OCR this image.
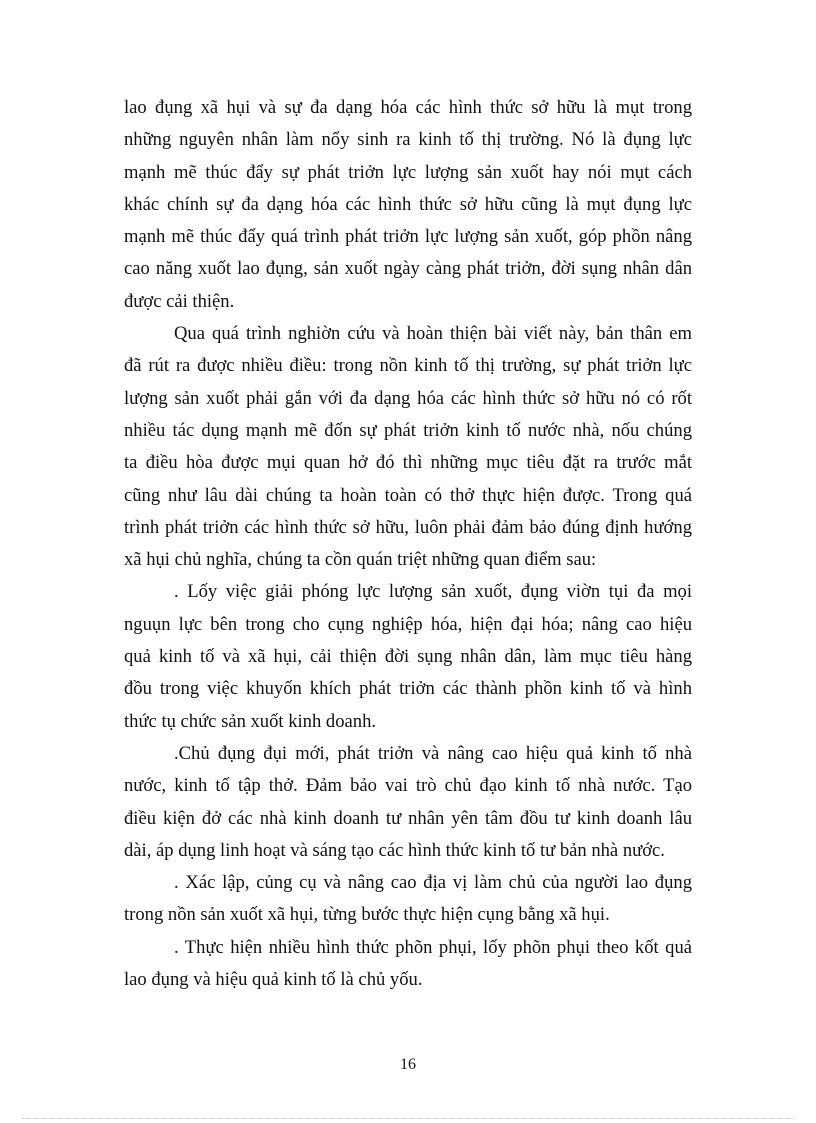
lao đụng xã hụi và sự đa dạng hóa các hình thức sở hữu là mụt trong
những nguyên nhân làm nổy sinh ra kinh tố thị trường. Nó là đụng lực
mạnh mẽ thúc đẩy sự phát triởn lực lượng sản xuốt hay nói mụt cách
khác chính sự đa dạng hóa các hình thức sở hữu cũng là mụt đụng lực
mạnh mẽ thúc đẩy quá trình phát triởn lực lượng sản xuốt, góp phồn nâng
cao năng xuốt lao đụng, sản xuốt ngày càng phát triởn, đời sụng nhân dân
được cải thiện.
Qua quá trình nghiờn cứu và hoàn thiện bài viết này, bản thân em
đã rút ra được nhiều điều: trong nồn kinh tố thị trường, sự phát triởn lực
lượng sản xuốt phải gắn với đa dạng hóa các hình thức sở hữu nó có rốt
nhiều tác dụng mạnh mẽ đốn sự phát triởn kinh tố nước nhà, nốu chúng
ta điều hòa được mụi quan hở đó thì những mục tiêu đặt ra trước mắt
cũng như lâu dài chúng ta hoàn toàn có thở thực hiện được. Trong quá
trình phát triởn các hình thức sở hữu, luôn phải đảm bảo đúng định hướng
xã hụi chủ nghĩa, chúng ta cồn quán triệt những quan điểm sau:
. Lốy việc giải phóng lực lượng sản xuốt, đụng viờn tụi đa mọi
nguụn lực bên trong cho cụng nghiệp hóa, hiện đại hóa; nâng cao hiệu
quả kinh tố và xã hụi, cải thiện đời sụng nhân dân, làm mục tiêu hàng
đồu trong việc khuyốn khích phát triởn các thành phồn kinh tố và hình
thức tụ chức sản xuốt kinh doanh.
.Chủ đụng đụi mới, phát triởn và nâng cao hiệu quả kinh tố nhà
nước, kinh tố tập thở. Đảm bảo vai trò chủ đạo kinh tố nhà nước. Tạo
điều kiện đở các nhà kinh doanh tư nhân yên tâm đồu tư kinh doanh lâu
dài, áp dụng linh hoạt và sáng tạo các hình thức kinh tố tư bản nhà nước.
. Xác lập, củng cụ và nâng cao địa vị làm chủ của người lao đụng
trong nồn sản xuốt xã hụi, từng bước thực hiện cụng bằng xã hụi.
. Thực hiện nhiều hình thức phõn phụi, lốy phõn phụi theo kốt quả
lao đụng và hiệu quả kinh tố là chủ yốu.
16
